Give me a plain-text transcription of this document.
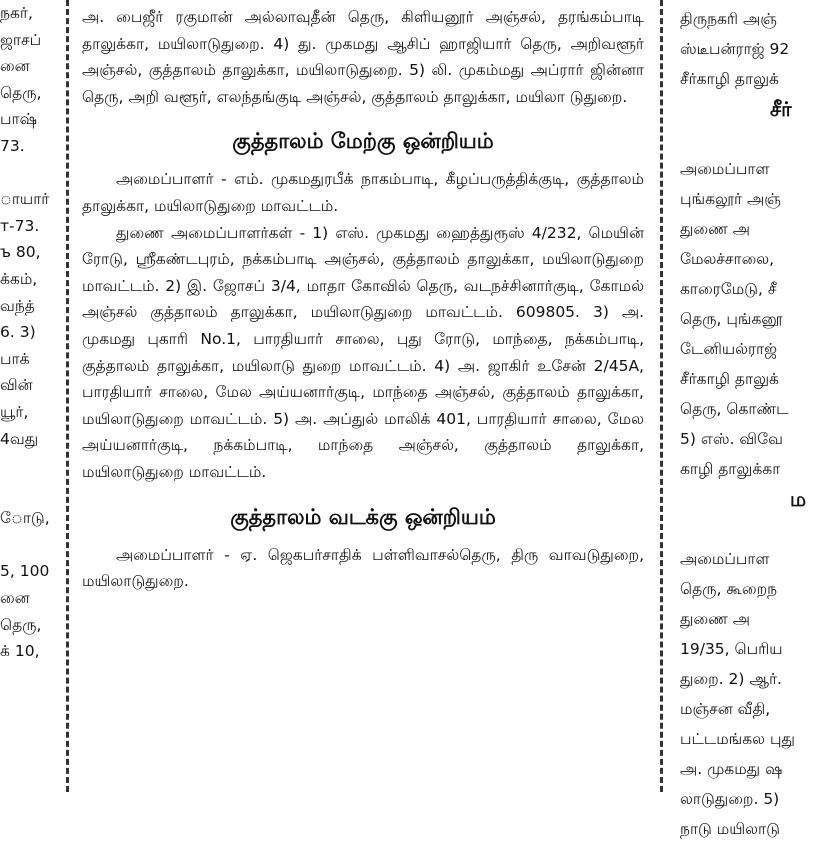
நகர்,
ஜாசப்
னை
தெரு,
பாஷ்
73.
ாயார்
т-73.
ъ 80,
க்கம்,
வந்த்
6. 3)
பாக்
வின்
யூர்,
4வது
ோடு,
5, 100
னை
தெரு,
க் 10,

அ. பைஜீர் ரகுமான் அல்லாவுதீன் தெரு, கிளியனூர் அஞ்சல், தரங்கம்பாடி தாலுக்கா, மயிலாடுதுறை. 4) து. முகமது ஆசிப் ஹாஜியார் தெரு, அறிவளூர் அஞ்சல், குத்தாலம் தாலுக்கா, மயிலாடுதுறை. 5) லி. முகம்மது அப்ரார் ஜின்னா தெரு, அறி வளூர், எலந்தங்குடி அஞ்சல், குத்தாலம் தாலுக்கா, மயிலா டுதுறை.

குத்தாலம் மேற்கு ஒன்றியம்

அமைப்பாளர் - எம். முகமதுரபீக் நாகம்பாடி, கீழப்பருத்திக்குடி, குத்தாலம் தாலுக்கா, மயிலாடுதுறை மாவட்டம்.

துணை அமைப்பாளர்கள் - 1) எஸ். முகமது ஹைத்துரூஸ் 4/232, மெயின் ரோடு, ஸ்ரீகண்டபுரம், நக்கம்பாடி அஞ்சல், குத்தாலம் தாலுக்கா, மயிலாடுதுறை மாவட்டம். 2) இ. ஜோசப் 3/4, மாதா கோவில் தெரு, வடநச்சினார்குடி, கோமல் அஞ்சல் குத்தாலம் தாலுக்கா, மயிலாடுதுறை மாவட்டம். 609805. 3) அ. முகமது புகாரி No.1, பாரதியார் சாலை, புது ரோடு, மாந்தை, நக்கம்பாடி, குத்தாலம் தாலுக்கா, மயிலாடு துறை மாவட்டம். 4) அ. ஜாகிர் உசேன் 2/45A, பாரதியார் சாலை, மேல அய்யனார்குடி, மாந்தை அஞ்சல், குத்தாலம் தாலுக்கா, மயிலாடுதுறை மாவட்டம். 5) அ. அப்துல் மாலிக் 401, பாரதியார் சாலை, மேல அய்யனார்குடி, நக்கம்பாடி, மாந்தை அஞ்சல், குத்தாலம் தாலுக்கா, மயிலாடுதுறை மாவட்டம்.

குத்தாலம் வடக்கு ஒன்றியம்

அமைப்பாளர் - ஏ. ஜெகபர்சாதிக் பள்ளிவாசல்தெரு, திரு வாவடுதுறை, மயிலாடுதுறை.

திருநகரி அஞ்
ஸ்டீபன்ராஜ் 92
சீர்காழி தாலுக்
சீர்
அமைப்பாள
புங்கலூர் அஞ்
துணை அ
மேலச்சாலை,
காரைமேடு, சீ
தெரு, புங்கனூ
டேனியல்ராஜ்
சீர்காழி தாலுக்
தெரு, கொண்ட
5) எஸ். விவே
காழி தாலுக்கா
ம
அமைப்பாள
தெரு, கூறைந
துணை அ
19/35, பெரிய
துறை. 2) ஆர்.
மஞ்சன வீதி,
பட்டமங்கல புது
அ. முகமது ஷ
லாடுதுறை. 5)
நாடு மயிலாடு
